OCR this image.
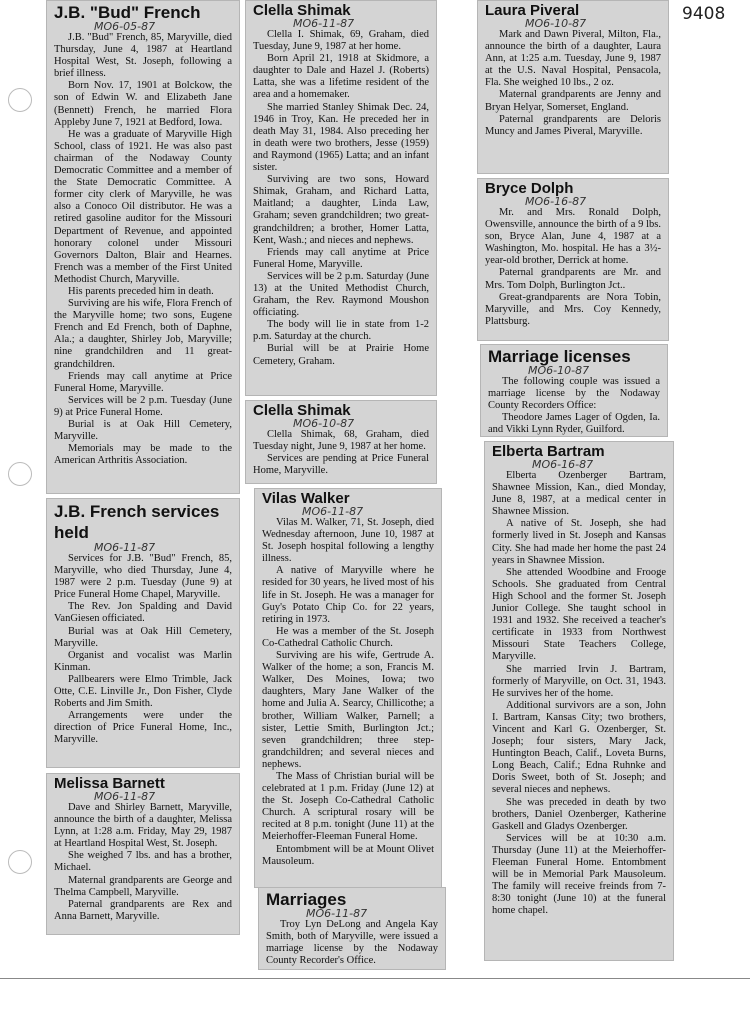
9408
J.B. "Bud" French
MO6-05-87

J.B. "Bud" French, 85, Maryville, died Thursday, June 4, 1987 at Heartland Hospital West, St. Joseph, following a brief illness.

Born Nov. 17, 1901 at Bolckow, the son of Edwin W. and Elizabeth Jane (Bennett) French, he married Flora Appleby June 7, 1921 at Bedford, Iowa.

He was a graduate of Maryville High School, class of 1921. He was also past chairman of the Nodaway County Democratic Committee and a member of the State Democratic Committee. A former city clerk of Maryville, he was also a Conoco Oil distributor. He was a retired gasoline auditor for the Missouri Department of Revenue, and appointed honorary colonel under Missouri Governors Dalton, Blair and Hearnes. French was a member of the First United Methodist Church, Maryville.

His parents preceded him in death.

Surviving are his wife, Flora French of the Maryville home; two sons, Eugene French and Ed French, both of Daphne, Ala.; a daughter, Shirley Job, Maryville; nine grandchildren and 11 great-grandchildren.

Friends may call anytime at Price Funeral Home, Maryville.

Services will be 2 p.m. Tuesday (June 9) at Price Funeral Home.

Burial is at Oak Hill Cemetery, Maryville.

Memorials may be made to the American Arthritis Association.

J.B. French services held
MO6-11-87

Services for J.B. "Bud" French, 85, Maryville, who died Thursday, June 4, 1987 were 2 p.m. Tuesday (June 9) at Price Funeral Home Chapel, Maryville.

The Rev. Jon Spalding and David VanGiesen officiated.

Burial was at Oak Hill Cemetery, Maryville.

Organist and vocalist was Marlin Kinman.

Pallbearers were Elmo Trimble, Jack Otte, C.E. Linville Jr., Don Fisher, Clyde Roberts and Jim Smith.

Arrangements were under the direction of Price Funeral Home, Inc., Maryville.

Melissa Barnett
MO6-11-87

Dave and Shirley Barnett, Maryville, announce the birth of a daughter, Melissa Lynn, at 1:28 a.m. Friday, May 29, 1987 at Heartland Hospital West, St. Joseph.

She weighed 7 lbs. and has a brother, Michael.

Maternal grandparents are George and Thelma Campbell, Maryville.

Paternal grandparents are Rex and Anna Barnett, Maryville.

Clella Shimak
MO6-11-87

Clella I. Shimak, 69, Graham, died Tuesday, June 9, 1987 at her home.

Born April 21, 1918 at Skidmore, a daughter to Dale and Hazel J. (Roberts) Latta, she was a lifetime resident of the area and a homemaker.

She married Stanley Shimak Dec. 24, 1946 in Troy, Kan. He preceded her in death May 31, 1984. Also preceding her in death were two brothers, Jesse (1959) and Raymond (1965) Latta; and an infant sister.

Surviving are two sons, Howard Shimak, Graham, and Richard Latta, Maitland; a daughter, Linda Law, Graham; seven grandchildren; two great-grandchildren; a brother, Homer Latta, Kent, Wash.; and nieces and nephews.

Friends may call anytime at Price Funeral Home, Maryville.

Services will be 2 p.m. Saturday (June 13) at the United Methodist Church, Graham, the Rev. Raymond Moushon officiating.

The body will lie in state from 1-2 p.m. Saturday at the church.

Burial will be at Prairie Home Cemetery, Graham.

Clella Shimak
MO6-10-87

Clella Shimak, 68, Graham, died Tuesday night, June 9, 1987 at her home.

Services are pending at Price Funeral Home, Maryville.

Vilas Walker
MO6-11-87

Vilas M. Walker, 71, St. Joseph, died Wednesday afternoon, June 10, 1987 at St. Joseph hospital following a lengthy illness.

A native of Maryville where he resided for 30 years, he lived most of his life in St. Joseph. He was a manager for Guy's Potato Chip Co. for 22 years, retiring in 1973.

He was a member of the St. Joseph Co-Cathedral Catholic Church.

Surviving are his wife, Gertrude A. Walker of the home; a son, Francis M. Walker, Des Moines, Iowa; two daughters, Mary Jane Walker of the home and Julia A. Searcy, Chillicothe; a brother, William Walker, Parnell; a sister, Lettie Smith, Burlington Jct.; seven grandchildren; three step-grandchildren; and several nieces and nephews.

The Mass of Christian burial will be celebrated at 1 p.m. Friday (June 12) at the St. Joseph Co-Cathedral Catholic Church. A scriptural rosary will be recited at 8 p.m. tonight (June 11) at the Meierhoffer-Fleeman Funeral Home.

Entombment will be at Mount Olivet Mausoleum.

Marriages
MO6-11-87

Troy Lyn DeLong and Angela Kay Smith, both of Maryville, were issued a marriage license by the Nodaway County Recorder's Office.

Laura Piveral
MO6-10-87

Mark and Dawn Piveral, Milton, Fla., announce the birth of a daughter, Laura Ann, at 1:25 a.m. Tuesday, June 9, 1987 at the U.S. Naval Hospital, Pensacola, Fla. She weighed 10 lbs., 2 oz.

Maternal grandparents are Jenny and Bryan Helyar, Somerset, England.

Paternal grandparents are Deloris Muncy and James Piveral, Maryville.

Bryce Dolph
MO6-16-87

Mr. and Mrs. Ronald Dolph, Owensville, announce the birth of a 9 lbs. son, Bryce Alan, June 4, 1987 at a Washington, Mo. hospital. He has a 3½-year-old brother, Derrick at home.

Paternal grandparents are Mr. and Mrs. Tom Dolph, Burlington Jct..

Great-grandparents are Nora Tobin, Maryville, and Mrs. Coy Kennedy, Plattsburg.

Marriage licenses
MO6-10-87

The following couple was issued a marriage license by the Nodaway County Recorders Office:

Theodore James Lager of Ogden, Ia. and Vikki Lynn Ryder, Guilford.

Elberta Bartram
MO6-16-87

Elberta Ozenberger Bartram, Shawnee Mission, Kan., died Monday, June 8, 1987, at a medical center in Shawnee Mission.

A native of St. Joseph, she had formerly lived in St. Joseph and Kansas City. She had made her home the past 24 years in Shawnee Mission.

She attended Woodbine and Frooge Schools. She graduated from Central High School and the former St. Joseph Junior College. She taught school in 1931 and 1932. She received a teacher's certificate in 1933 from Northwest Missouri State Teachers College, Maryville.

She married Irvin J. Bartram, formerly of Maryville, on Oct. 31, 1943. He survives her of the home.

Additional survivors are a son, John I. Bartram, Kansas City; two brothers, Vincent and Karl G. Ozenberger, St. Joseph; four sisters, Mary Jack, Huntington Beach, Calif., Loveta Burns, Long Beach, Calif.; Edna Ruhnke and Doris Sweet, both of St. Joseph; and several nieces and nephews.

She was preceded in death by two brothers, Daniel Ozenberger, Katherine Gaskell and Gladys Ozenberger.

Services will be at 10:30 a.m. Thursday (June 11) at the Meierhoffer-Fleeman Funeral Home. Entombment will be in Memorial Park Mausoleum. The family will receive freinds from 7-8:30 tonight (June 10) at the funeral home chapel.
